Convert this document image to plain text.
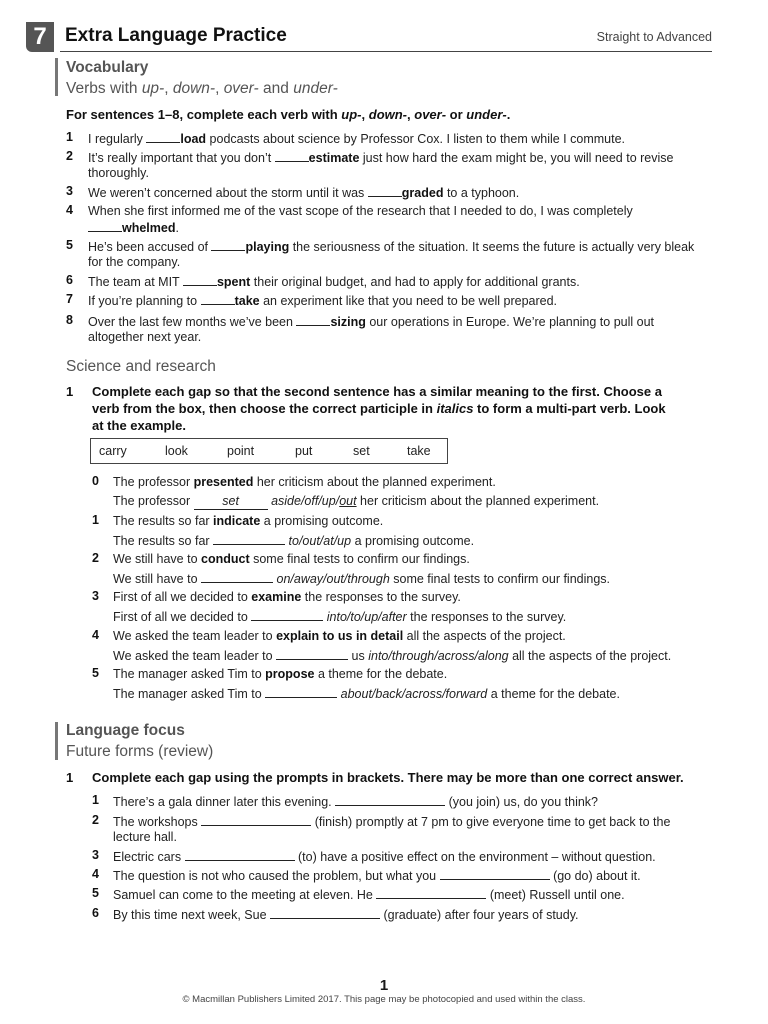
7 Extra Language Practice	Straight to Advanced
Vocabulary
Verbs with up-, down-, over- and under-
For sentences 1–8, complete each verb with up-, down-, over- or under-.
1 I regularly	load podcasts about science by Professor Cox. I listen to them while I commute.
2 It’s really important that you don’t	estimate just how hard the exam might be, you will need to revise
thoroughly.
3 We weren’t concerned about the storm until it was	graded to a typhoon.
4 When she first informed me of the vast scope of the research that I needed to do, I was completely
whelmed.
5 He’s been accused of	playing the seriousness of the situation. It seems the future is actually very bleak
for the company.
6 The team at MIT	spent their original budget, and had to apply for additional grants.
7 If you’re planning to	take an experiment like that you need to be well prepared.
8 Over the last few months we’ve been	sizing our operations in Europe. We’re planning to pull out
altogether next year.
Science and research
1 Complete each gap so that the second sentence has a similar meaning to the first. Choose a
verb from the box, then choose the correct participle in italics to form a multi-part verb. Look
at the example.
carry	look	point	put	set	take
0 The professor presented her criticism about the planned experiment.
The professor set	aside/off/up/out her criticism about the planned experiment.
1 The results so far indicate a promising outcome.
The results so far	to/out/at/up a promising outcome.
2 We still have to conduct some final tests to confirm our findings.
We still have to	on/away/out/through some final tests to confirm our findings.
3 First of all we decided to examine the responses to the survey.
First of all we decided to	into/to/up/after the responses to the survey.
4 We asked the team leader to explain to us in detail all the aspects of the project.
We asked the team leader to	us into/through/across/along all the aspects of the project.
5 The manager asked Tim to propose a theme for the debate.
The manager asked Tim to	about/back/across/forward a theme for the debate.
Language focus
Future forms (review)
1 Complete each gap using the prompts in brackets. There may be more than one correct answer.
1 There’s a gala dinner later this evening.	(you join) us, do you think?
2 The workshops	(finish) promptly at 7 pm to give everyone time to get back to the
lecture hall.
3 Electric cars	(to) have a positive effect on the environment – without question.
4 The question is not who caused the problem, but what you	(go do) about it.
5 Samuel can come to the meeting at eleven. He	(meet) Russell until one.
6 By this time next week, Sue	(graduate) after four years of study.
1
© Macmillan Publishers Limited 2017. This page may be photocopied and used within the class.
